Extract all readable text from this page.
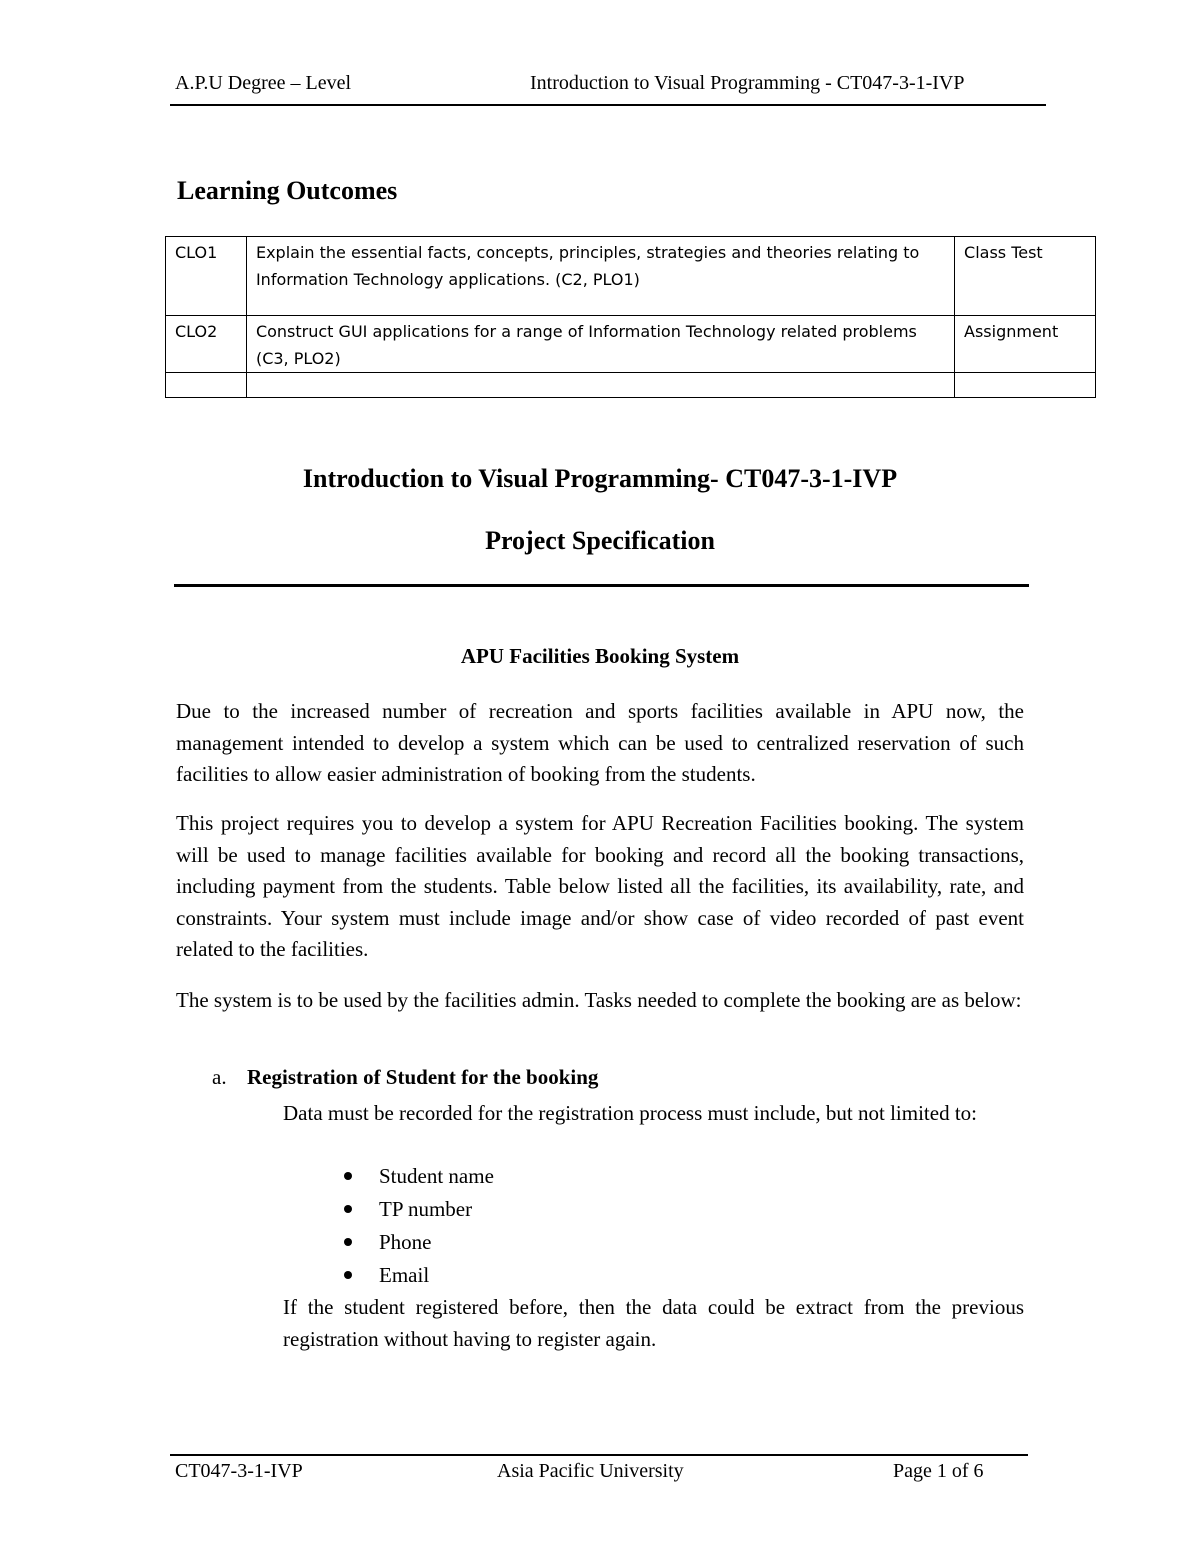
A.P.U Degree – Level	Introduction to Visual Programming - CT047-3-1-IVP
Learning Outcomes
CLO1	Explain the essential facts, concepts, principles, strategies and theories relating to Information Technology applications. (C2, PLO1)	Class Test
CLO2	Construct GUI applications for a range of Information Technology related problems (C3, PLO2)	Assignment

Introduction to Visual Programming- CT047-3-1-IVP
Project Specification
APU Facilities Booking System

Due to the increased number of recreation and sports facilities available in APU now, the management intended to develop a system which can be used to centralized reservation of such facilities to allow easier administration of booking from the students.

This project requires you to develop a system for APU Recreation Facilities booking. The system will be used to manage facilities available for booking and record all the booking transactions, including payment from the students. Table below listed all the facilities, its availability, rate, and constraints. Your system must include image and/or show case of video recorded of past event related to the facilities.

The system is to be used by the facilities admin. Tasks needed to complete the booking are as below:

a. Registration of Student for the booking

Data must be recorded for the registration process must include, but not limited to:

Student name
TP number
Phone
Email

If the student registered before, then the data could be extract from the previous registration without having to register again.

CT047-3-1-IVP	Asia Pacific University	Page 1 of 6
